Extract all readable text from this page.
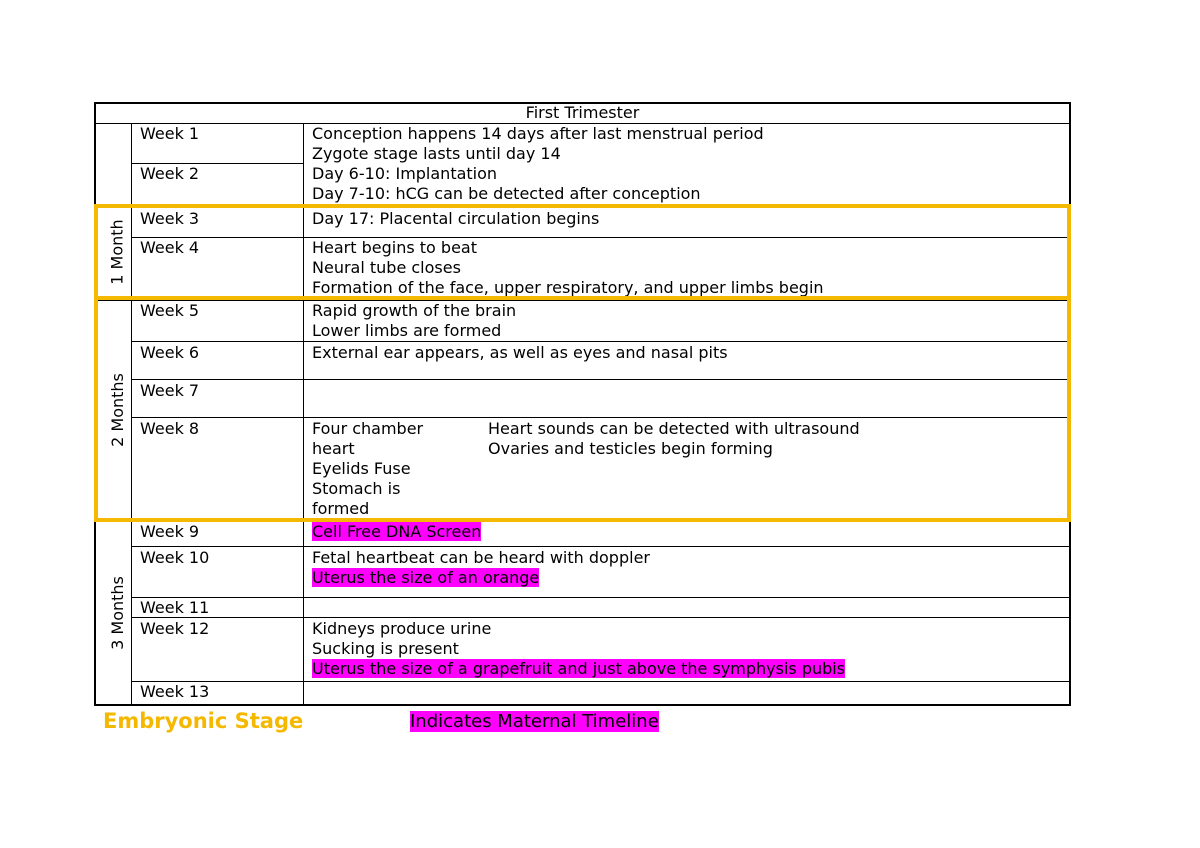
First Trimester
1 Month
2 Months
3 Months
Week 1
Week 2
Week 3
Week 4
Week 5
Week 6
Week 7
Week 8
Week 9
Week 10
Week 11
Week 12
Week 13
Conception happens 14 days after last menstrual period
Zygote stage lasts until day 14
Day 6-10: Implantation
Day 7-10: hCG can be detected after conception
Day 17: Placental circulation begins
Heart begins to beat
Neural tube closes
Formation of the face, upper respiratory, and upper limbs begin
Rapid growth of the brain
Lower limbs are formed
External ear appears, as well as eyes and nasal pits
Four chamber
heart
Eyelids Fuse
Stomach is
formed
Heart sounds can be detected with ultrasound
Ovaries and testicles begin forming
Cell Free DNA Screen
Fetal heartbeat can be heard with doppler
Uterus the size of an orange
Kidneys produce urine
Sucking is present
Uterus the size of a grapefruit and just above the symphysis pubis
Embryonic Stage	Indicates Maternal Timeline
